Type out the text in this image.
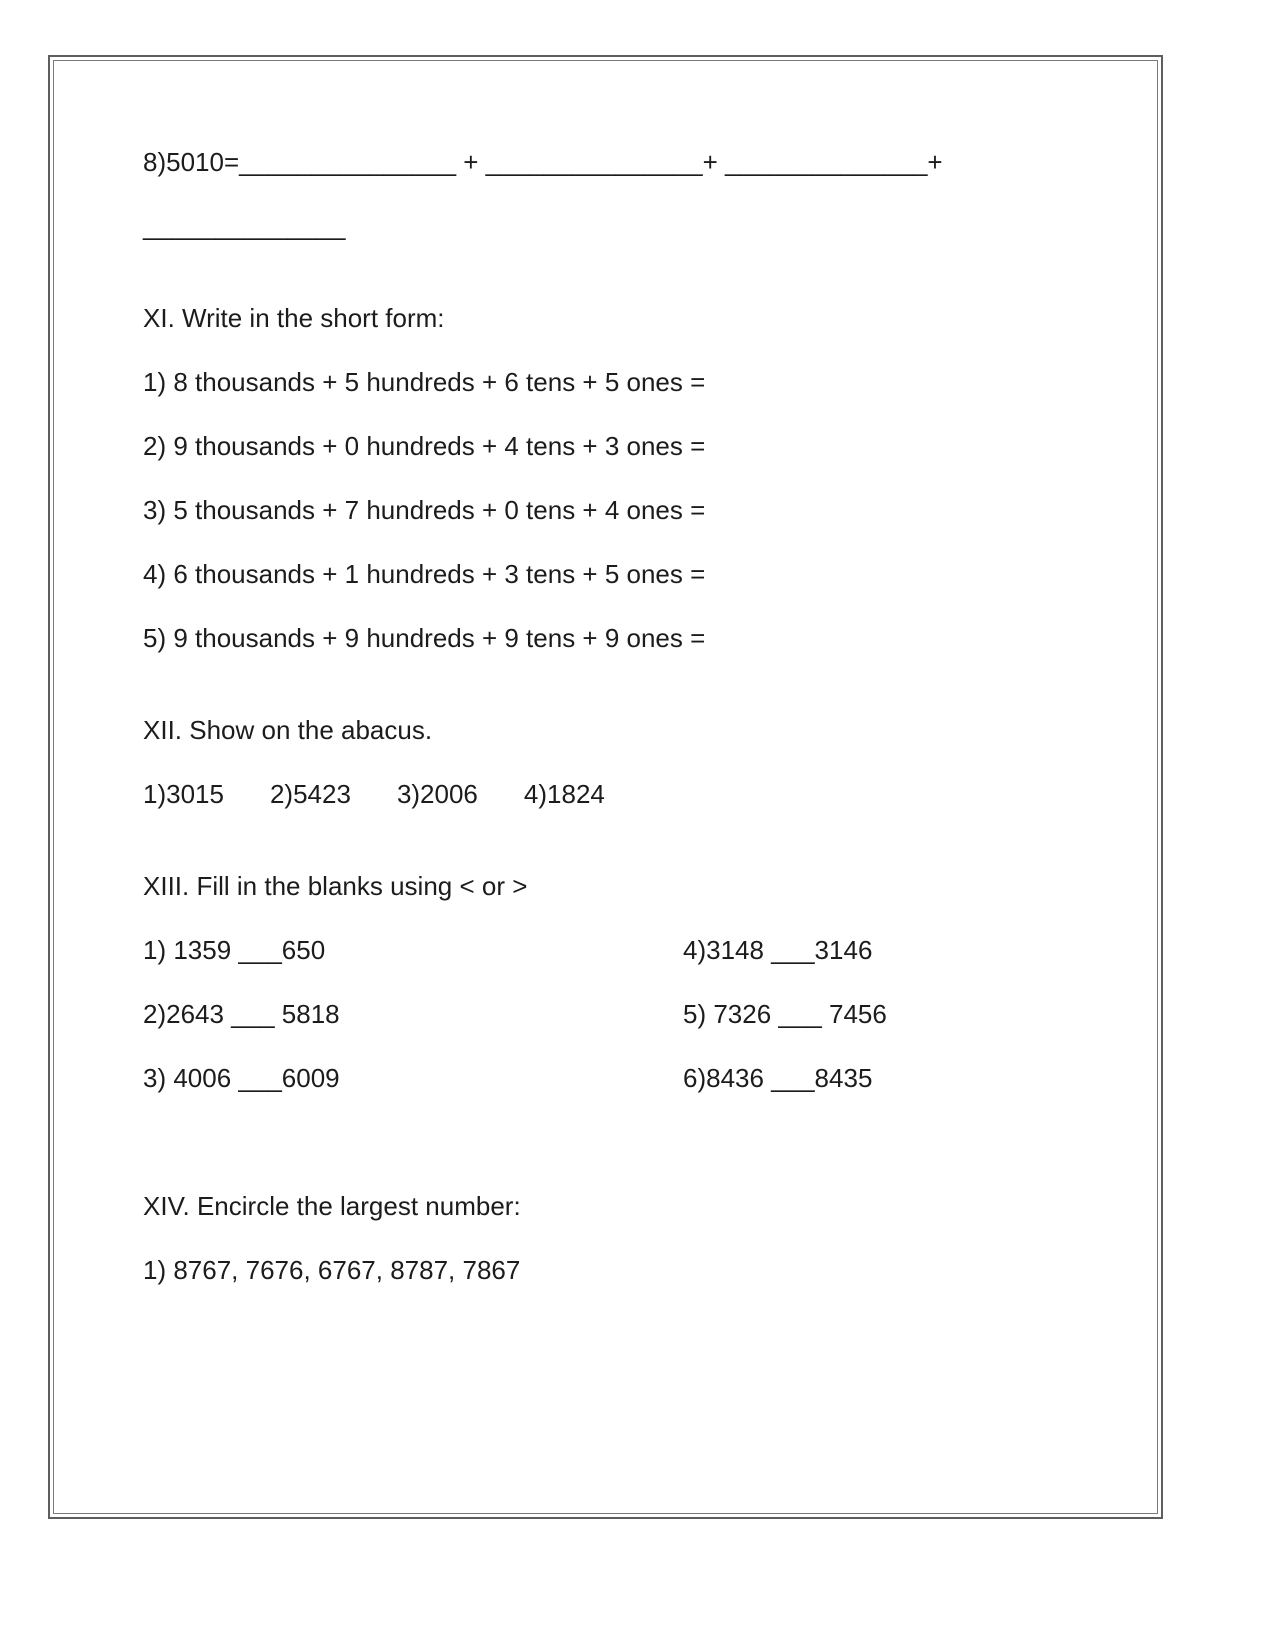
8)5010=_______________ + _______________+ ______________+

______________

XI. Write in the short form:

1) 8 thousands + 5 hundreds + 6 tens + 5 ones =

2) 9 thousands + 0 hundreds + 4 tens + 3 ones =

3) 5 thousands + 7 hundreds + 0 tens + 4 ones =

4) 6 thousands + 1 hundreds + 3 tens + 5 ones =

5) 9 thousands + 9 hundreds + 9 tens + 9 ones =

XII. Show on the abacus.

1)3015 2)5423 3)2006 4)1824

XIII. Fill in the blanks using < or >

1) 1359 ___650	4)3148 ___3146

2)2643 ___ 5818	5) 7326 ___ 7456

3) 4006 ___6009	6)8436 ___8435

XIV. Encircle the largest number:

1) 8767, 7676, 6767, 8787, 7867
